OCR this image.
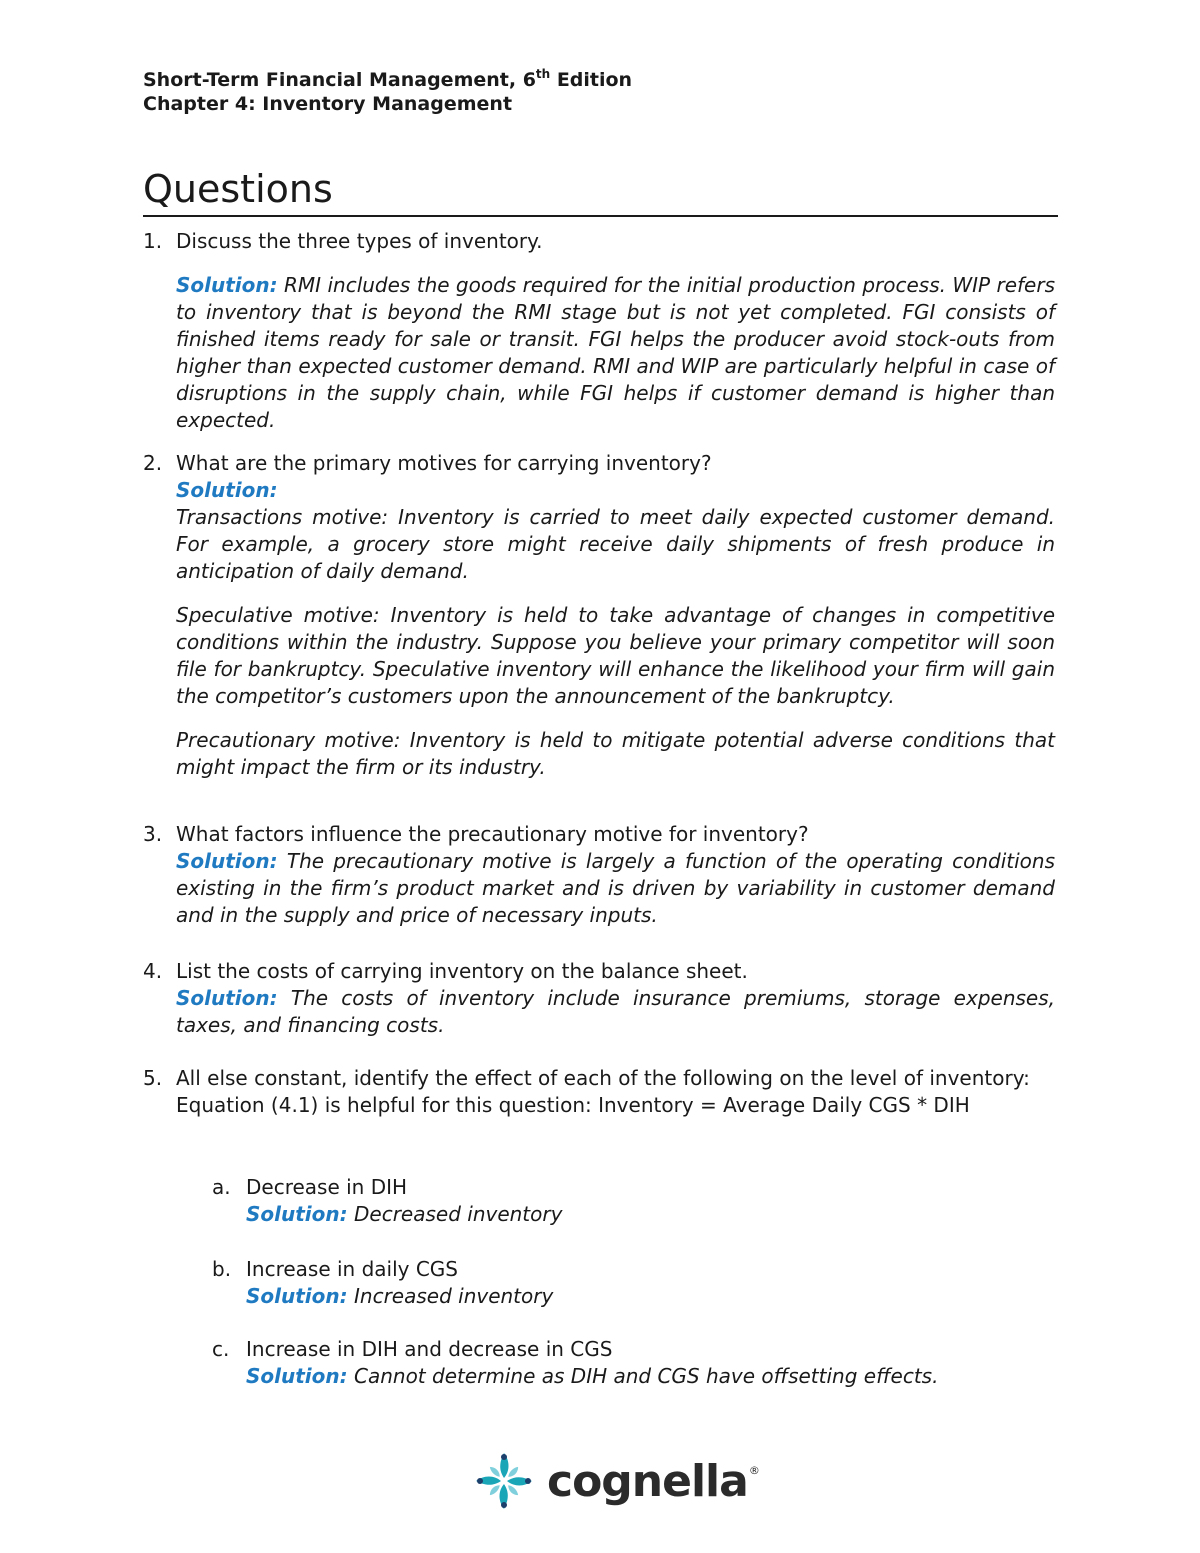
Short-Term Financial Management, 6th Edition
Chapter 4: Inventory Management
Questions
1. Discuss the three types of inventory.

Solution: RMI includes the goods required for the initial production process. WIP refers to inventory that is beyond the RMI stage but is not yet completed. FGI consists of finished items ready for sale or transit. FGI helps the producer avoid stock-outs from higher than expected customer demand. RMI and WIP are particularly helpful in case of disruptions in the supply chain, while FGI helps if customer demand is higher than expected.

2. What are the primary motives for carrying inventory?

Solution:

Transactions motive: Inventory is carried to meet daily expected customer demand. For example, a grocery store might receive daily shipments of fresh produce in anticipation of daily demand.

Speculative motive: Inventory is held to take advantage of changes in competitive conditions within the industry. Suppose you believe your primary competitor will soon file for bankruptcy. Speculative inventory will enhance the likelihood your firm will gain the competitor’s customers upon the announcement of the bankruptcy.

Precautionary motive: Inventory is held to mitigate potential adverse conditions that might impact the firm or its industry.

3. What factors influence the precautionary motive for inventory?

Solution: The precautionary motive is largely a function of the operating conditions existing in the firm’s product market and is driven by variability in customer demand and in the supply and price of necessary inputs.

4. List the costs of carrying inventory on the balance sheet.

Solution: The costs of inventory include insurance premiums, storage expenses, taxes, and financing costs.

5. All else constant, identify the effect of each of the following on the level of inventory:

Equation (4.1) is helpful for this question: Inventory = Average Daily CGS * DIH

a. Decrease in DIH

Solution: Decreased inventory

b. Increase in daily CGS

Solution: Increased inventory

c. Increase in DIH and decrease in CGS

Solution: Cannot determine as DIH and CGS have offsetting effects.

cognella ®
